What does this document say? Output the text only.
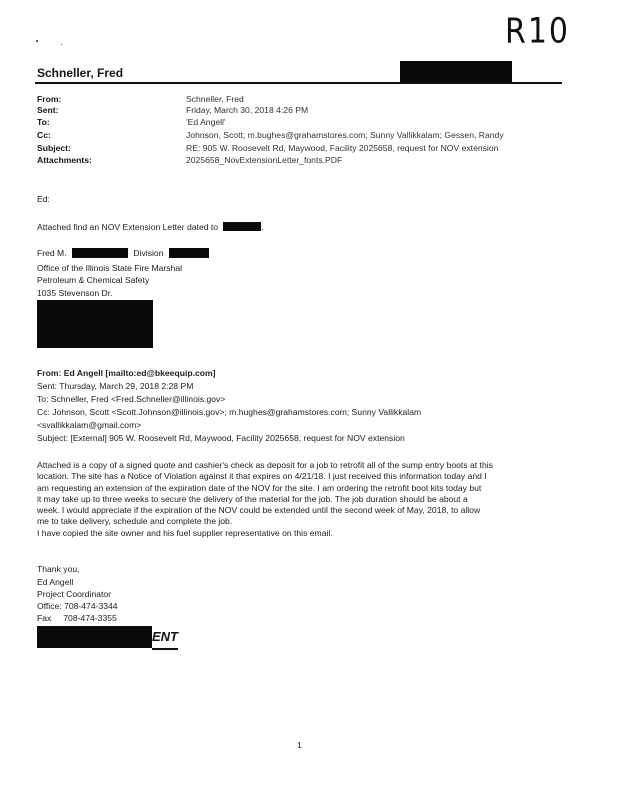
R10
Schneller, Fred
From:	Schneller, Fred
Sent:	Friday, March 30, 2018 4:26 PM
To:	'Ed Angell'
Cc:	Johnson, Scott; m.bughes@grahamstores.com; Sunny Vallikkalam; Gessen, Randy
Subject:	RE: 905 W. Roosevelt Rd, Maywood, Facility 2025658, request for NOV extension
Attachments:	2025658_NovExtensionLetter_fonts.PDF
Ed:
Attached find an NOV Extension Letter dated to	.
Fred M.	Division
Office of the Illinois State Fire Marshal
Petroleum & Chemical Safety
1035 Stevenson Dr.
From: Ed Angell [mailto:ed@bkeequip.com]
Sent: Thursday, March 29, 2018 2:28 PM
To: Schneller, Fred <Fred.Schneller@illinois.gov>
Cc: Johnson, Scott <Scott.Johnson@illinois.gov>; m.hughes@grahamstores.com; Sunny Vallikkalam
<svallikkalam@gmail.com>
Subject: [External] 905 W. Roosevelt Rd, Maywood, Facility 2025658, request for NOV extension
Attached is a copy of a signed quote and cashier's check as deposit for a job to retrofit all of the sump entry boots at this
location. The site has a Notice of Violation against it that expires on 4/21/18. I just received this information today and I
am requesting an extension of the expiration date of the NOV for the site. I am ordering the retrofit boot kits today but
it may take up to three weeks to secure the delivery of the material for the job. The job duration should be about a
week. I would appreciate if the expiration of the NOV could be extended until the second week of May, 2018, to allow
me to take delivery, schedule and complete the job.
I have copied the site owner and his fuel supplier representative on this email.
Thank you,
Ed Angell
Project Coordinator
Office: 708-474-3344
Fax     708-474-3355
ENT
1
